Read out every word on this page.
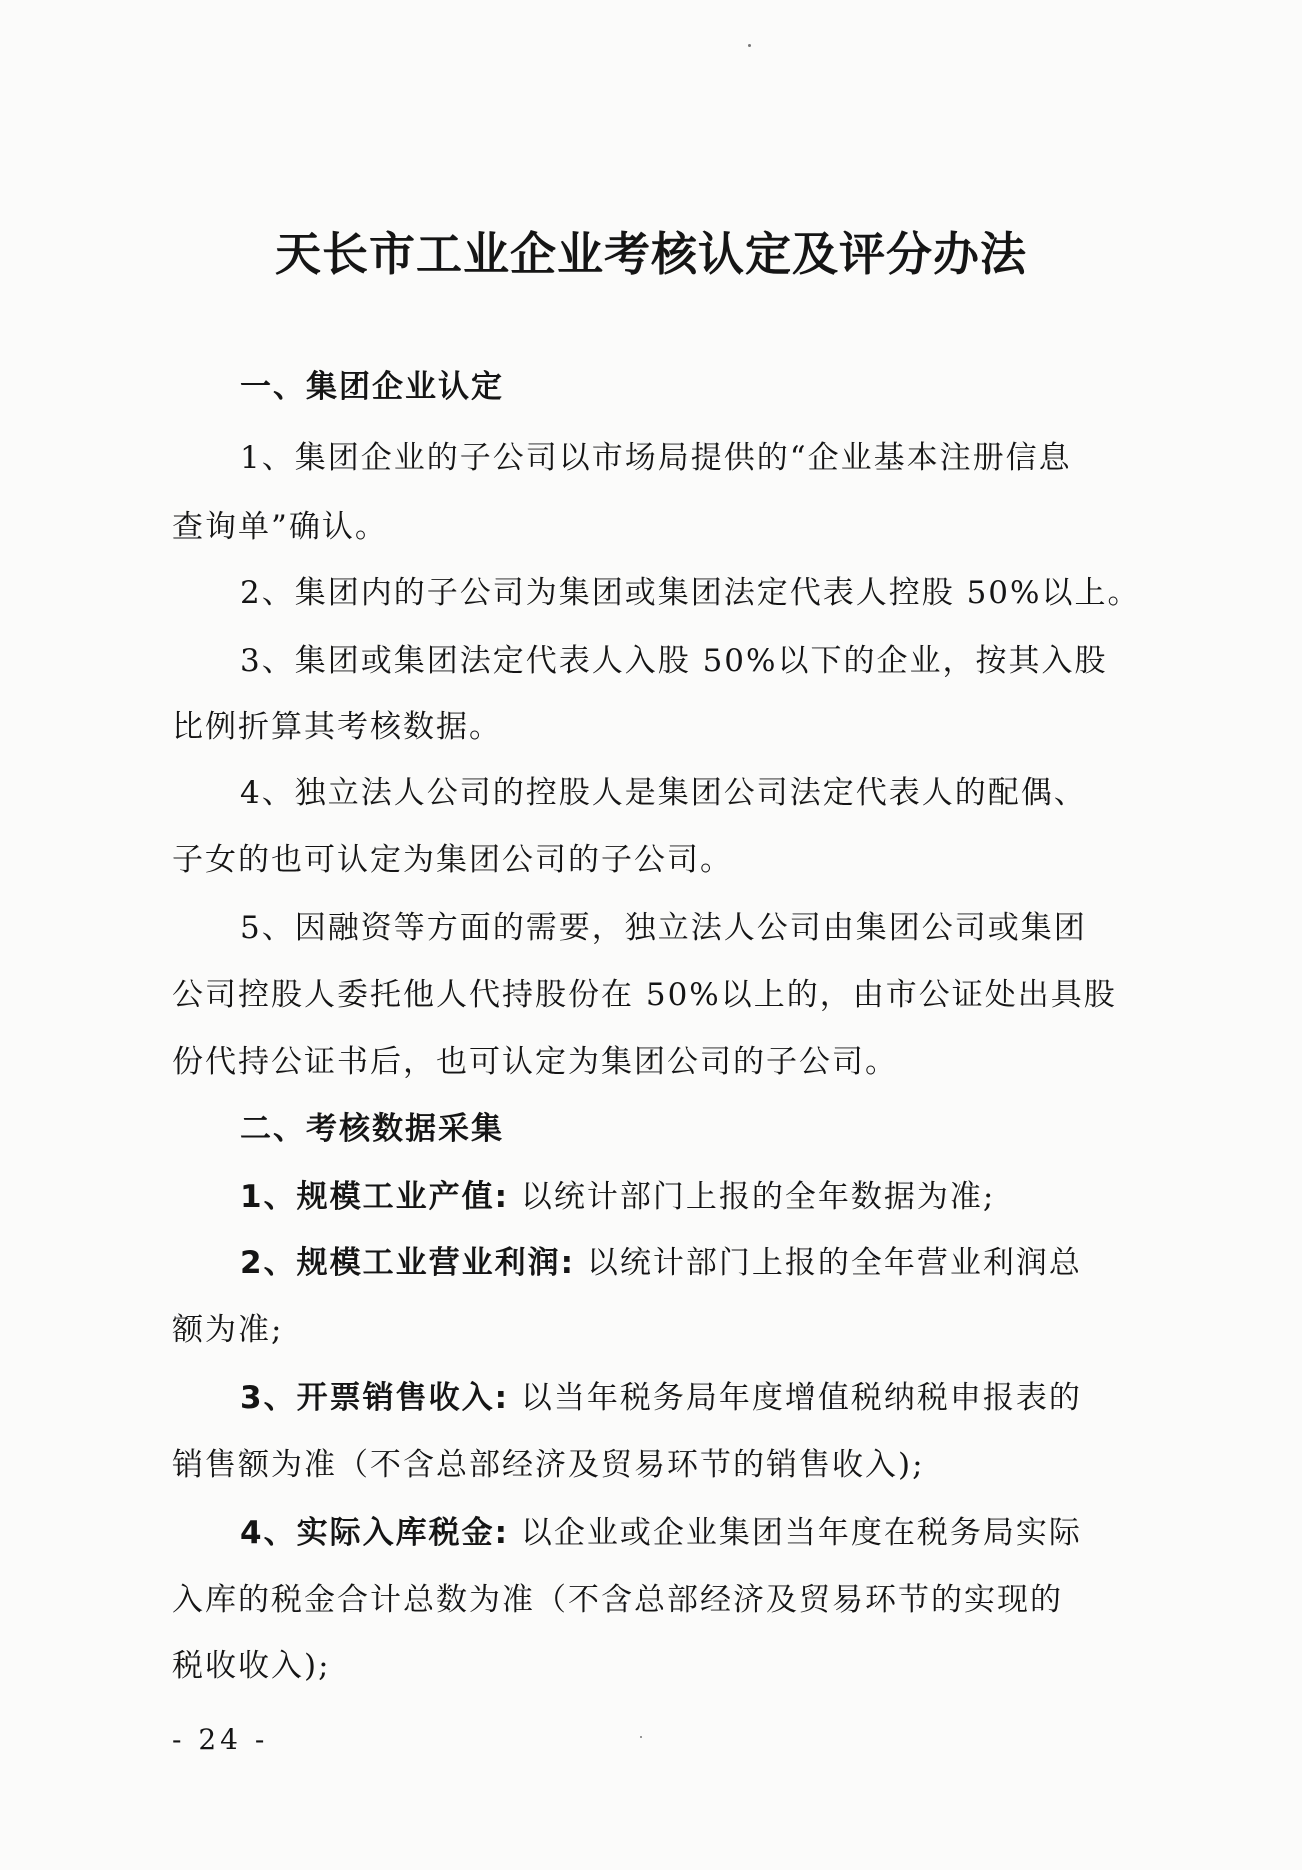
天长市工业企业考核认定及评分办法
一、集团企业认定
1、集团企业的子公司以市场局提供的“企业基本注册信息
查询单”确认。
2、集团内的子公司为集团或集团法定代表人控股 50%以上。
3、集团或集团法定代表人入股 50%以下的企业，按其入股
比例折算其考核数据。
4、独立法人公司的控股人是集团公司法定代表人的配偶、
子女的也可认定为集团公司的子公司。
5、因融资等方面的需要，独立法人公司由集团公司或集团
公司控股人委托他人代持股份在 50%以上的，由市公证处出具股
份代持公证书后，也可认定为集团公司的子公司。
二、考核数据采集
1、规模工业产值: 以统计部门上报的全年数据为准;
2、规模工业营业利润: 以统计部门上报的全年营业利润总
额为准;
3、开票销售收入: 以当年税务局年度增值税纳税申报表的
销售额为准（不含总部经济及贸易环节的销售收入);
4、实际入库税金: 以企业或企业集团当年度在税务局实际
入库的税金合计总数为准（不含总部经济及贸易环节的实现的
税收收入);
- 24 -
